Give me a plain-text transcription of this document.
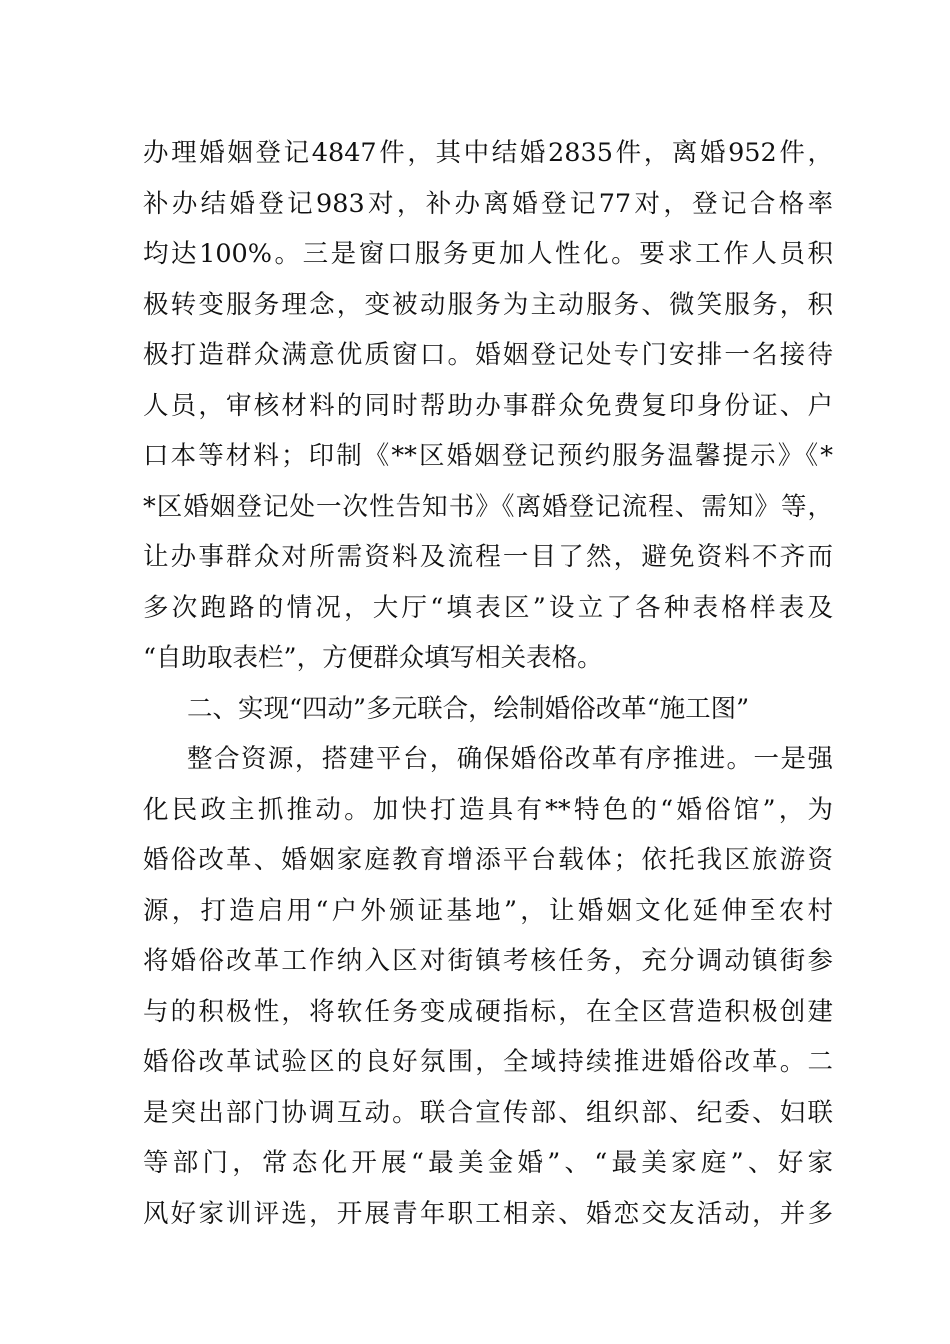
办理婚姻登记4847件，其中结婚2835件，离婚952件，
补办结婚登记983对，补办离婚登记77对，登记合格率
均达100%。三是窗口服务更加人性化。要求工作人员积
极转变服务理念，变被动服务为主动服务、微笑服务，积
极打造群众满意优质窗口。婚姻登记处专门安排一名接待
人员，审核材料的同时帮助办事群众免费复印身份证、户
口本等材料；印制《**区婚姻登记预约服务温馨提示》《*
*区婚姻登记处一次性告知书》《离婚登记流程、需知》等，
让办事群众对所需资料及流程一目了然，避免资料不齐而
多次跑路的情况，大厅“填表区”设立了各种表格样表及
“自助取表栏”，方便群众填写相关表格。
二、实现“四动”多元联合，绘制婚俗改革“施工图”
整合资源，搭建平台，确保婚俗改革有序推进。一是强
化民政主抓推动。加快打造具有**特色的“婚俗馆”，为
婚俗改革、婚姻家庭教育增添平台载体；依托我区旅游资
源，打造启用“户外颁证基地”，让婚姻文化延伸至农村
将婚俗改革工作纳入区对街镇考核任务，充分调动镇街参
与的积极性，将软任务变成硬指标，在全区营造积极创建
婚俗改革试验区的良好氛围，全域持续推进婚俗改革。二
是突出部门协调互动。联合宣传部、组织部、纪委、妇联
等部门，常态化开展“最美金婚”、“最美家庭”、好家
风好家训评选，开展青年职工相亲、婚恋交友活动，并多
